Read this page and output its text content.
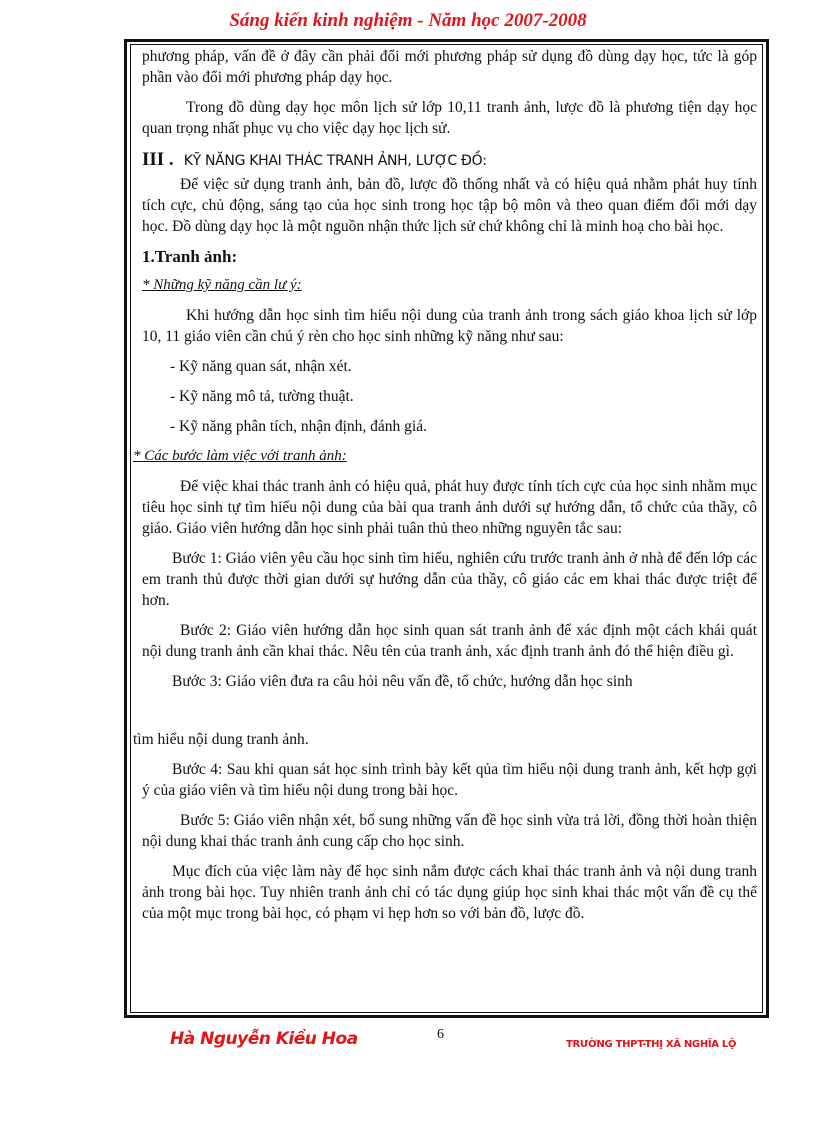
Sáng kiến kinh nghiệm - Năm học 2007-2008

phương pháp, vấn đề ở đây cần phải đổi mới phương pháp sử dụng đồ dùng dạy học, tức là góp phần vào đổi mới phương pháp dạy học.

Trong đồ dùng dạy học môn lịch sử lớp 10,11 tranh ảnh, lược đồ là phương tiện dạy học quan trọng nhất phục vụ cho việc dạy học lịch sử.

III . KỸ NĂNG KHAI THÁC TRANH ẢNH, LƯỢC ĐỒ:

Để việc sử dụng tranh ảnh, bản đồ, lược đồ thống nhất và có hiệu quả nhằm phát huy tính tích cực, chủ động, sáng tạo của học sinh trong học tập bộ môn và theo quan điểm đổi mới dạy học. Đồ dùng dạy học là một nguồn nhận thức lịch sử chứ không chỉ là minh hoạ cho bài học.

1.Tranh ảnh:
* Những kỹ năng cần lư ý:

Khi hướng dẫn học sinh tìm hiểu nội dung của tranh ảnh trong sách giáo khoa lịch sử lớp 10, 11 giáo viên cần chú ý rèn cho học sinh những kỹ năng như sau:

- Kỹ năng quan sát, nhận xét.

- Kỹ năng mô tả, tường thuật.

- Kỹ năng phân tích, nhận định, đánh giá.

* Các bước làm việc với tranh ảnh:

Để việc khai thác tranh ảnh có hiệu quả, phát huy được tính tích cực của học sinh nhằm mục tiêu học sinh tự tìm hiểu nội dung của bài qua tranh ảnh dưới sự hướng dẫn, tổ chức của thầy, cô giáo. Giáo viên hướng dẫn học sinh phải tuân thủ theo những nguyên tắc sau:

Bước 1: Giáo viên yêu cầu học sinh tìm hiểu, nghiên cứu trước tranh ảnh ở nhà để đến lớp các em tranh thủ được thời gian dưới sự hướng dẫn của thầy, cô giáo các em khai thác được triệt để hơn.

Bước 2: Giáo viên hướng dẫn học sinh quan sát tranh ảnh để xác định một cách khái quát nội dung tranh ảnh cần khai thác. Nêu tên của tranh ảnh, xác định tranh ảnh đó thể hiện điều gì.

Bước 3: Giáo viên đưa ra câu hỏi nêu vấn đề, tổ chức, hướng dẫn học sinh

tìm hiểu nội dung tranh ảnh.

Bước 4: Sau khi quan sát học sinh trình bày kết qủa tìm hiểu nội dung tranh ảnh, kết hợp gợi ý của giáo viên và tìm hiểu nội dung trong bài học.

Bước 5: Giáo viên nhận xét, bổ sung những vấn đề học sinh vừa trả lời, đồng thời hoàn thiện nội dung khai thác tranh ảnh cung cấp cho học sinh.

Mục đích của việc làm này để học sinh nắm được cách khai thác tranh ảnh và nội dung tranh ảnh trong bài học. Tuy nhiên tranh ảnh chỉ có tác dụng giúp học sinh khai thác một vấn đề cụ thể của một mục trong bài học, có phạm vi hẹp hơn so với bản đồ, lược đồ.

Hà Nguyễn Kiều Hoa	6
TRƯỜNG THPT-THỊ XÃ NGHĨA LỘ
